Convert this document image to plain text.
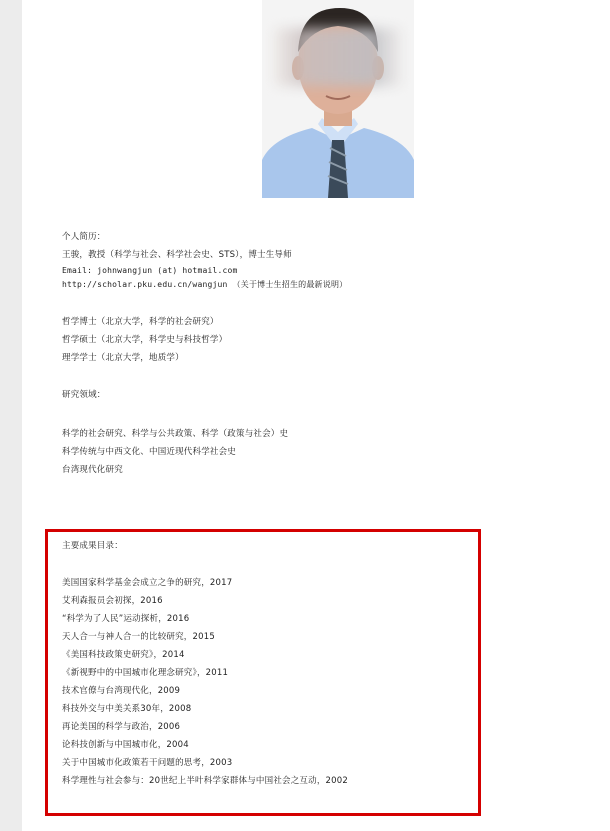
个人简历：
王骏，教授（科学与社会、科学社会史、STS），博士生导师
Email: johnwangjun (at) hotmail.com
http://scholar.pku.edu.cn/wangjun （关于博士生招生的最新说明）
哲学博士（北京大学，科学的社会研究）
哲学硕士（北京大学，科学史与科技哲学）
理学学士（北京大学，地质学）
研究领域：
科学的社会研究、科学与公共政策、科学（政策与社会）史
科学传统与中西文化、中国近现代科学社会史
台湾现代化研究
主要成果目录：
美国国家科学基金会成立之争的研究，2017
艾利森报员会初探，2016
“科学为了人民”运动探析，2016
天人合一与神人合一的比较研究，2015
《美国科技政策史研究》，2014
《新视野中的中国城市化理念研究》，2011
技术官僚与台湾现代化，2009
科技外交与中美关系30年，2008
再论美国的科学与政治，2006
论科技创新与中国城市化，2004
关于中国城市化政策若干问题的思考，2003
科学理性与社会参与：20世纪上半叶科学家群体与中国社会之互动，2002
